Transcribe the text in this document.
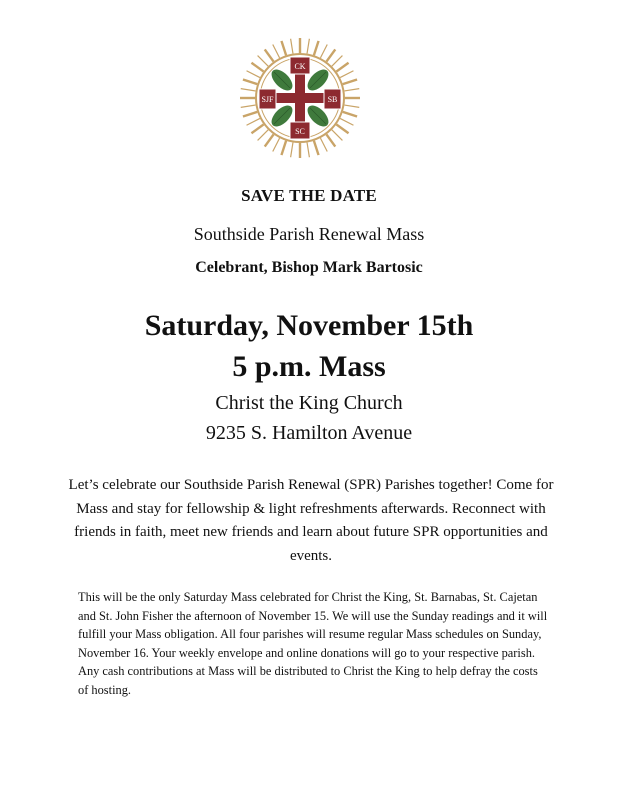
CK
SC
SJF	SB
SAVE THE DATE
Southside Parish Renewal Mass
Celebrant, Bishop Mark Bartosic
Saturday, November 15th
5 p.m. Mass
Christ the King Church
9235 S. Hamilton Avenue
Let’s celebrate our Southside Parish Renewal (SPR) Parishes together! Come for Mass and stay for fellowship & light refreshments afterwards. Reconnect with friends in faith, meet new friends and learn about future SPR opportunities and events.
This will be the only Saturday Mass celebrated for Christ the King, St. Barnabas, St. Cajetan and St. John Fisher the afternoon of November 15. We will use the Sunday readings and it will fulfill your Mass obligation. All four parishes will resume regular Mass schedules on Sunday, November 16. Your weekly envelope and online donations will go to your respective parish. Any cash contributions at Mass will be distributed to Christ the King to help defray the costs of hosting.
